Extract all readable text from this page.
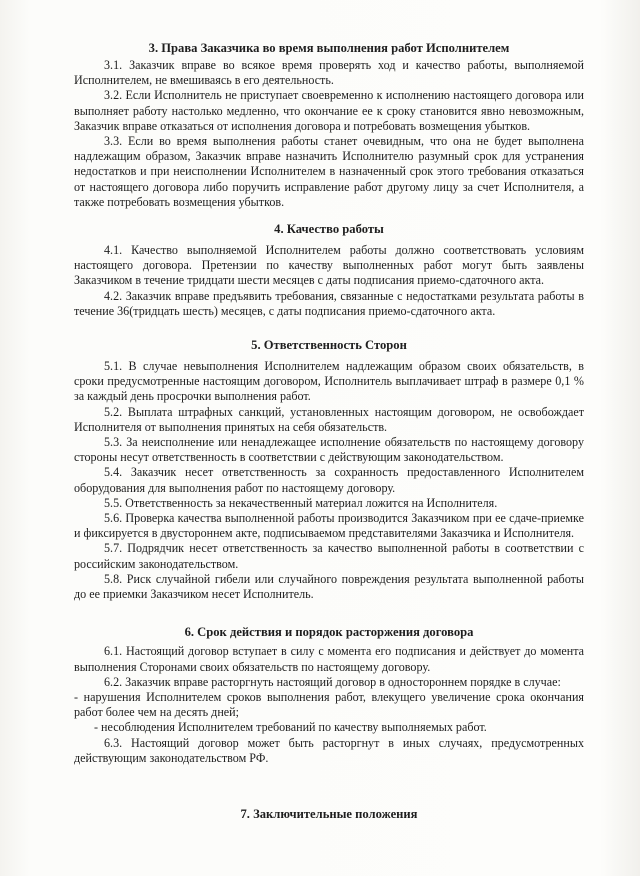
3. Права Заказчика во время выполнения работ Исполнителем

3.1. Заказчик вправе во всякое время проверять ход и качество работы, выполняемой Исполнителем, не вмешиваясь в его деятельность.

3.2. Если Исполнитель не приступает своевременно к исполнению настоящего договора или выполняет работу настолько медленно, что окончание ее к сроку становится явно невозможным, Заказчик вправе отказаться от исполнения договора и потребовать возмещения убытков.

3.3. Если во время выполнения работы станет очевидным, что она не будет выполнена надлежащим образом, Заказчик вправе назначить Исполнителю разумный срок для устранения недостатков и при неисполнении Исполнителем в назначенный срок этого требования отказаться от настоящего договора либо поручить исправление работ другому лицу за счет Исполнителя, а также потребовать возмещения убытков.

4. Качество работы

4.1. Качество выполняемой Исполнителем работы должно соответствовать условиям настоящего договора. Претензии по качеству выполненных работ могут быть заявлены Заказчиком в течение тридцати шести месяцев с даты подписания приемо-сдаточного акта.

4.2. Заказчик вправе предъявить требования, связанные с недостатками результата работы в течение 36(тридцать шесть) месяцев, с даты подписания приемо-сдаточного акта.

5. Ответственность Сторон

5.1. В случае невыполнения Исполнителем надлежащим образом своих обязательств, в сроки предусмотренные настоящим договором, Исполнитель выплачивает штраф в размере 0,1 % за каждый день просрочки выполнения работ.

5.2. Выплата штрафных санкций, установленных настоящим договором, не освобождает Исполнителя от выполнения принятых на себя обязательств.

5.3. За неисполнение или ненадлежащее исполнение обязательств по настоящему договору стороны несут ответственность в соответствии с действующим законодательством.

5.4. Заказчик несет ответственность за сохранность предоставленного Исполнителем оборудования для выполнения работ по настоящему договору.

5.5. Ответственность за некачественный материал ложится на Исполнителя.

5.6. Проверка качества выполненной работы производится Заказчиком при ее сдаче-приемке и фиксируется в двустороннем акте, подписываемом представителями Заказчика и Исполнителя.

5.7. Подрядчик несет ответственность за качество выполненной работы в соответствии с российским законодательством.

5.8. Риск случайной гибели или случайного повреждения результата выполненной работы до ее приемки Заказчиком несет Исполнитель.

6. Срок действия и порядок расторжения договора

6.1. Настоящий договор вступает в силу с момента его подписания и действует до момента выполнения Сторонами своих обязательств по настоящему договору.

6.2. Заказчик вправе расторгнуть настоящий договор в одностороннем порядке в случае:

- нарушения Исполнителем сроков выполнения работ, влекущего увеличение срока окончания работ более чем на десять дней;

- несоблюдения Исполнителем требований по качеству выполняемых работ.

6.3. Настоящий договор может быть расторгнут в иных случаях, предусмотренных действующим законодательством РФ.

7. Заключительные положения
